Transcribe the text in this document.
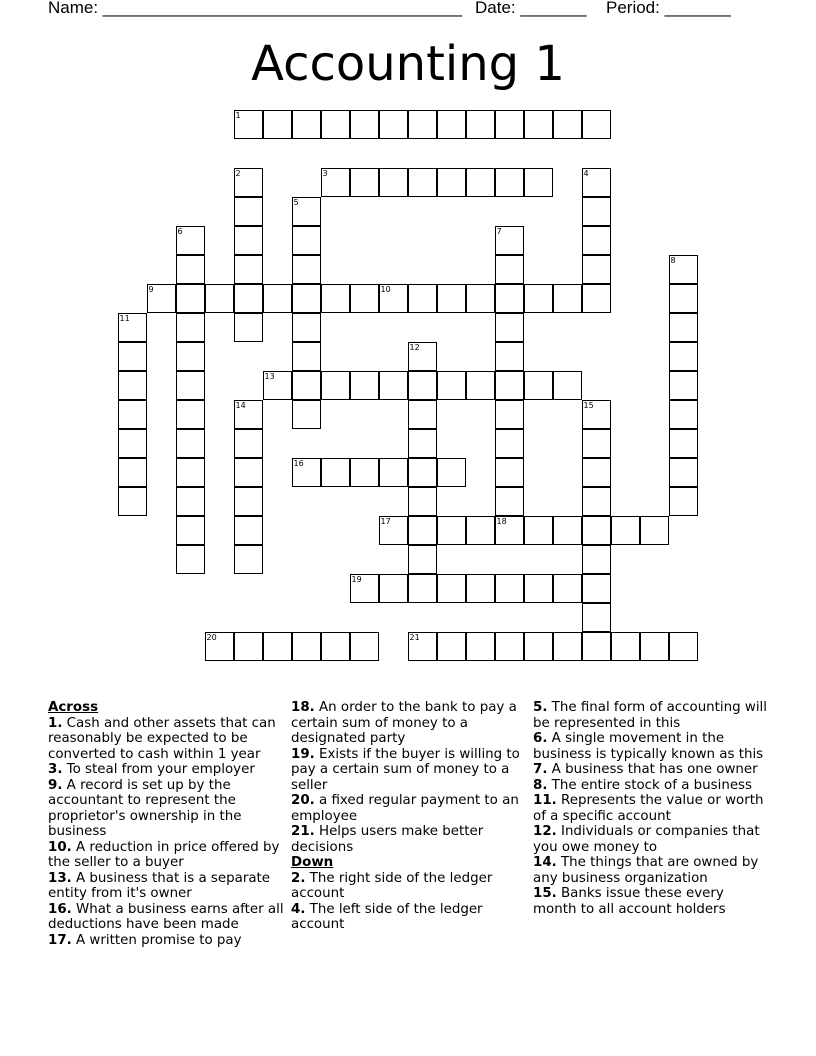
Name: ______________________________________

Date: _______

Period: _______

Accounting 1
1
3
9	10
13
16
17	18
19
20	21
2	4
5
6	7
8
11
12
14	15
Across
1. Cash and other assets that can reasonably be expected to be converted to cash within 1 year
3. To steal from your employer
9. A record is set up by the accountant to represent the proprietor's ownership in the business
10. A reduction in price offered by the seller to a buyer
13. A business that is a separate entity from it's owner
16. What a business earns after all deductions have been made
17. A written promise to pay
18. An order to the bank to pay a certain sum of money to a designated party
19. Exists if the buyer is willing to pay a certain sum of money to a seller
20. a fixed regular payment to an employee
21. Helps users make better decisions
Down
2. The right side of the ledger account
4. The left side of the ledger account
5. The final form of accounting will be represented in this
6. A single movement in the business is typically known as this
7. A business that has one owner
8. The entire stock of a business
11. Represents the value or worth of a specific account
12. Individuals or companies that you owe money to
14. The things that are owned by any business organization
15. Banks issue these every month to all account holders
